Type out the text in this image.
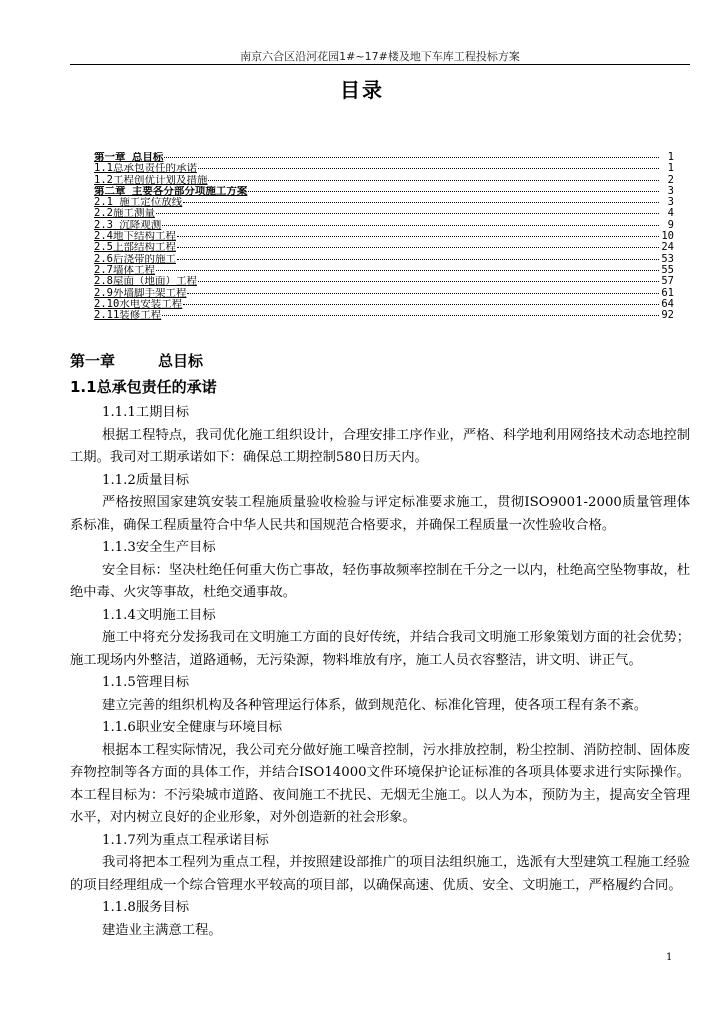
南京六合区沿河花园1#~17#楼及地下车库工程投标方案
目录
第一章 总目标	1
1.1总承包责任的承诺	1
1.2工程创优计划及措施	2
第二章 主要各分部分项施工方案	3
2.1 施工定位放线	3
2.2施工测量	4
2.3 沉降观测	9
2.4地下结构工程	10
2.5上部结构工程	24
2.6后浇带的施工	53
2.7墙体工程	55
2.8屋面（地面）工程	57
2.9外墙脚手架工程	61
2.10水电安装工程	64
2.11装修工程	92
第一章	总目标
1.1总承包责任的承诺
1.1.1工期目标

根据工程特点，我司优化施工组织设计，合理安排工序作业，严格、科学地利用网络技术动态地控制工期。我司对工期承诺如下：确保总工期控制580日历天内。

1.1.2质量目标

严格按照国家建筑安装工程施质量验收检验与评定标准要求施工，贯彻ISO9001-2000质量管理体系标准，确保工程质量符合中华人民共和国规范合格要求，并确保工程质量一次性验收合格。

1.1.3安全生产目标

安全目标：坚决杜绝任何重大伤亡事故，轻伤事故频率控制在千分之一以内，杜绝高空坠物事故，杜绝中毒、火灾等事故，杜绝交通事故。

1.1.4文明施工目标

施工中将充分发扬我司在文明施工方面的良好传统，并结合我司文明施工形象策划方面的社会优势；施工现场内外整洁，道路通畅，无污染源，物料堆放有序，施工人员衣容整洁，讲文明、讲正气。

1.1.5管理目标

建立完善的组织机构及各种管理运行体系，做到规范化、标准化管理，使各项工程有条不紊。

1.1.6职业安全健康与环境目标

根据本工程实际情况，我公司充分做好施工噪音控制，污水排放控制，粉尘控制、消防控制、固体废弃物控制等各方面的具体工作，并结合ISO14000文件环境保护论证标准的各项具体要求进行实际操作。本工程目标为：不污染城市道路、夜间施工不扰民、无烟无尘施工。以人为本，预防为主，提高安全管理水平，对内树立良好的企业形象，对外创造新的社会形象。

1.1.7列为重点工程承诺目标

我司将把本工程列为重点工程，并按照建设部推广的项目法组织施工，选派有大型建筑工程施工经验的项目经理组成一个综合管理水平较高的项目部，以确保高速、优质、安全、文明施工，严格履约合同。

1.1.8服务目标

建造业主满意工程。

1
